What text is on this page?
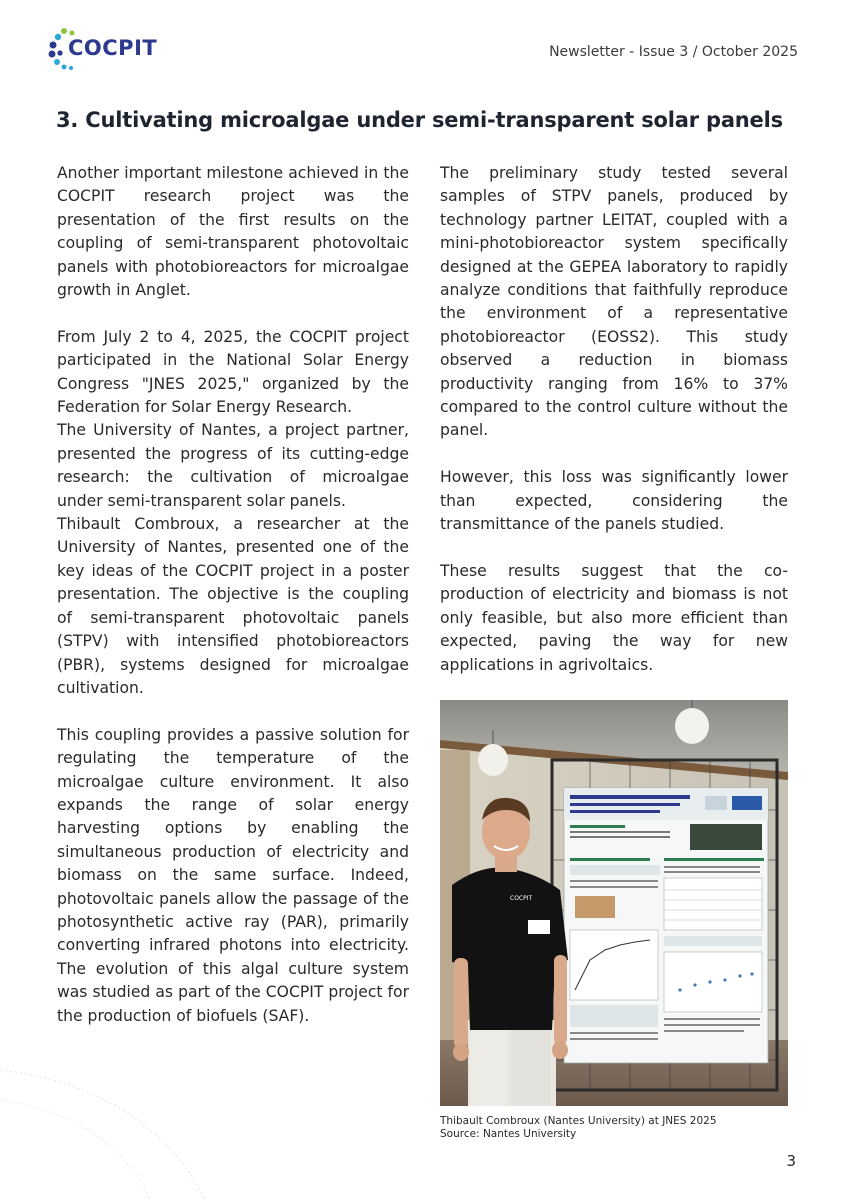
COCPIT	Newsletter - Issue 3 / October 2025
3. Cultivating microalgae under semi-transparent solar panels

Another important milestone achieved in the COCPIT research project was the presentation of the first results on the coupling of semi-transparent photovoltaic panels with photobioreactors for microalgae growth in Anglet.

From July 2 to 4, 2025, the COCPIT project participated in the National Solar Energy Congress "JNES 2025," organized by the Federation for Solar Energy Research.

The University of Nantes, a project partner, presented the progress of its cutting-edge research: the cultivation of microalgae under semi-transparent solar panels.

Thibault Combroux, a researcher at the University of Nantes, presented one of the key ideas of the COCPIT project in a poster presentation. The objective is the coupling of semi-transparent photovoltaic panels (STPV) with intensified photobioreactors (PBR), systems designed for microalgae cultivation.

This coupling provides a passive solution for regulating the temperature of the microalgae culture environment. It also expands the range of solar energy harvesting options by enabling the simultaneous production of electricity and biomass on the same surface. Indeed, photovoltaic panels allow the passage of the photosynthetic active ray (PAR), primarily converting infrared photons into electricity. The evolution of this algal culture system was studied as part of the COCPIT project for the production of biofuels (SAF).

The preliminary study tested several samples of STPV panels, produced by technology partner LEITAT, coupled with a mini-photobioreactor system specifically designed at the GEPEA laboratory to rapidly analyze conditions that faithfully reproduce the environment of a representative photobioreactor (EOSS2). This study observed a reduction in biomass productivity ranging from 16% to 37% compared to the control culture without the panel.

However, this loss was significantly lower than expected, considering the transmittance of the panels studied.

These results suggest that the co-production of electricity and biomass is not only feasible, but also more efficient than expected, paving the way for new applications in agrivoltaics.

COCPIT
Thibault Combroux (Nantes University) at JNES 2025
Source: Nantes University
3
